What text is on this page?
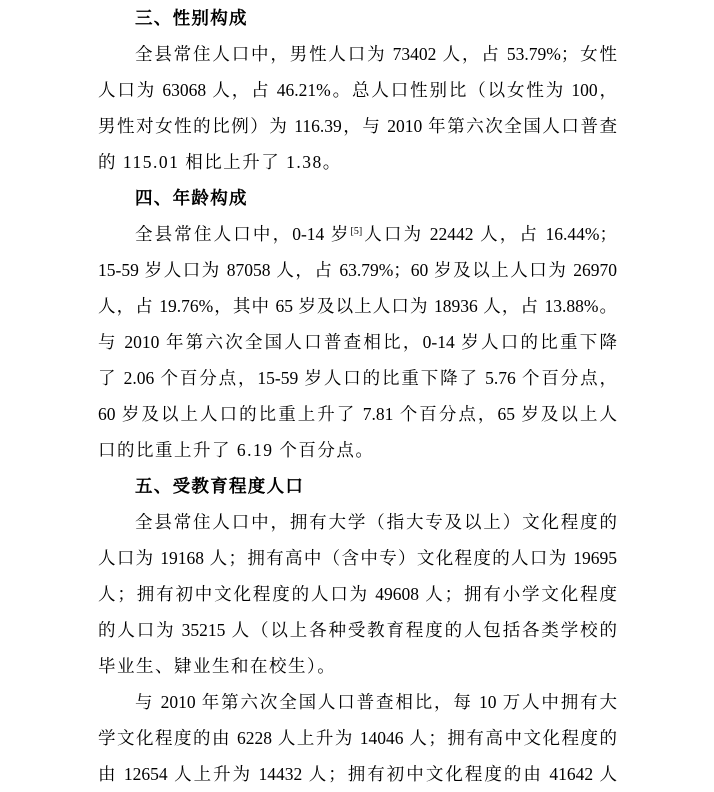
三、性别构成
全县常住人口中，男性人口为 73402 人，占 53.79%；女性
人口为 63068 人，占 46.21%。总人口性别比（以女性为 100，
男性对女性的比例）为 116.39，与 2010 年第六次全国人口普查
的 115.01 相比上升了 1.38。
四、年龄构成
全县常住人口中，0-14 岁[5]人口为 22442 人，占 16.44%；
15-59 岁人口为 87058 人，占 63.79%；60 岁及以上人口为 26970
人，占 19.76%，其中 65 岁及以上人口为 18936 人，占 13.88%。
与 2010 年第六次全国人口普查相比，0-14 岁人口的比重下降
了 2.06 个百分点，15-59 岁人口的比重下降了 5.76 个百分点，
60 岁及以上人口的比重上升了 7.81 个百分点，65 岁及以上人
口的比重上升了 6.19 个百分点。
五、受教育程度人口
全县常住人口中，拥有大学（指大专及以上）文化程度的
人口为 19168 人；拥有高中（含中专）文化程度的人口为 19695
人；拥有初中文化程度的人口为 49608 人；拥有小学文化程度
的人口为 35215 人（以上各种受教育程度的人包括各类学校的
毕业生、肄业生和在校生）。
与 2010 年第六次全国人口普查相比，每 10 万人中拥有大
学文化程度的由 6228 人上升为 14046 人；拥有高中文化程度的
由 12654 人上升为 14432 人；拥有初中文化程度的由 41642 人
